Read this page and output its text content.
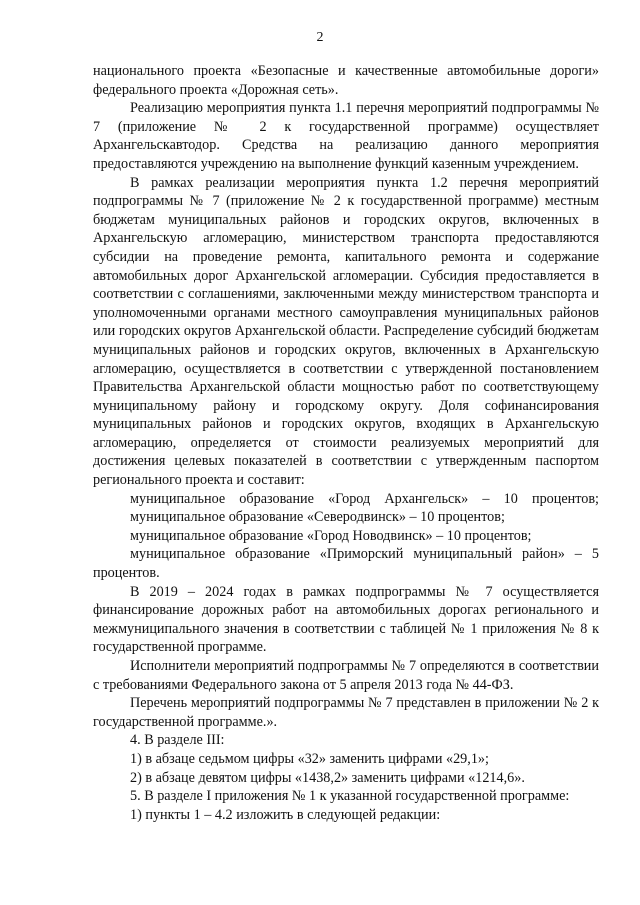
2

национального проекта «Безопасные и качественные автомобильные дороги» федерального проекта «Дорожная сеть».

Реализацию мероприятия пункта 1.1 перечня мероприятий подпрограммы № 7 (приложение № 2 к государственной программе) осуществляет Архангельскавтодор. Средства на реализацию данного мероприятия предоставляются учреждению на выполнение функций казенным учреждением.

В рамках реализации мероприятия пункта 1.2 перечня мероприятий подпрограммы № 7 (приложение № 2 к государственной программе) местным бюджетам муниципальных районов и городских округов, включенных в Архангельскую агломерацию, министерством транспорта предоставляются субсидии на проведение ремонта, капитального ремонта и содержание автомобильных дорог Архангельской агломерации. Субсидия предоставляется в соответствии с соглашениями, заключенными между министерством транспорта и уполномоченными органами местного самоуправления муниципальных районов или городских округов Архангельской области. Распределение субсидий бюджетам муниципальных районов и городских округов, включенных в Архангельскую агломерацию, осуществляется в соответствии с утвержденной постановлением Правительства Архангельской области мощностью работ по соответствующему муниципальному району и городскому округу. Доля софинансирования муниципальных районов и городских округов, входящих в Архангельскую агломерацию, определяется от стоимости реализуемых мероприятий для достижения целевых показателей в соответствии с утвержденным паспортом регионального проекта и составит:

муниципальное образование «Город Архангельск» – 10 процентов;

муниципальное образование «Северодвинск» – 10 процентов;

муниципальное образование «Город Новодвинск» – 10 процентов;

муниципальное образование «Приморский муниципальный район» – 5 процентов.

В 2019 – 2024 годах в рамках подпрограммы № 7 осуществляется финансирование дорожных работ на автомобильных дорогах регионального и межмуниципального значения в соответствии с таблицей № 1 приложения № 8 к государственной программе.

Исполнители мероприятий подпрограммы № 7 определяются в соответствии с требованиями Федерального закона от 5 апреля 2013 года № 44-ФЗ.

Перечень мероприятий подпрограммы № 7 представлен в приложении № 2 к государственной программе.».

4. В разделе III:

1) в абзаце седьмом цифры «32» заменить цифрами «29,1»;

2) в абзаце девятом цифры «1438,2» заменить цифрами «1214,6».

5. В разделе I приложения № 1 к указанной государственной программе:

1) пункты 1 – 4.2 изложить в следующей редакции:
